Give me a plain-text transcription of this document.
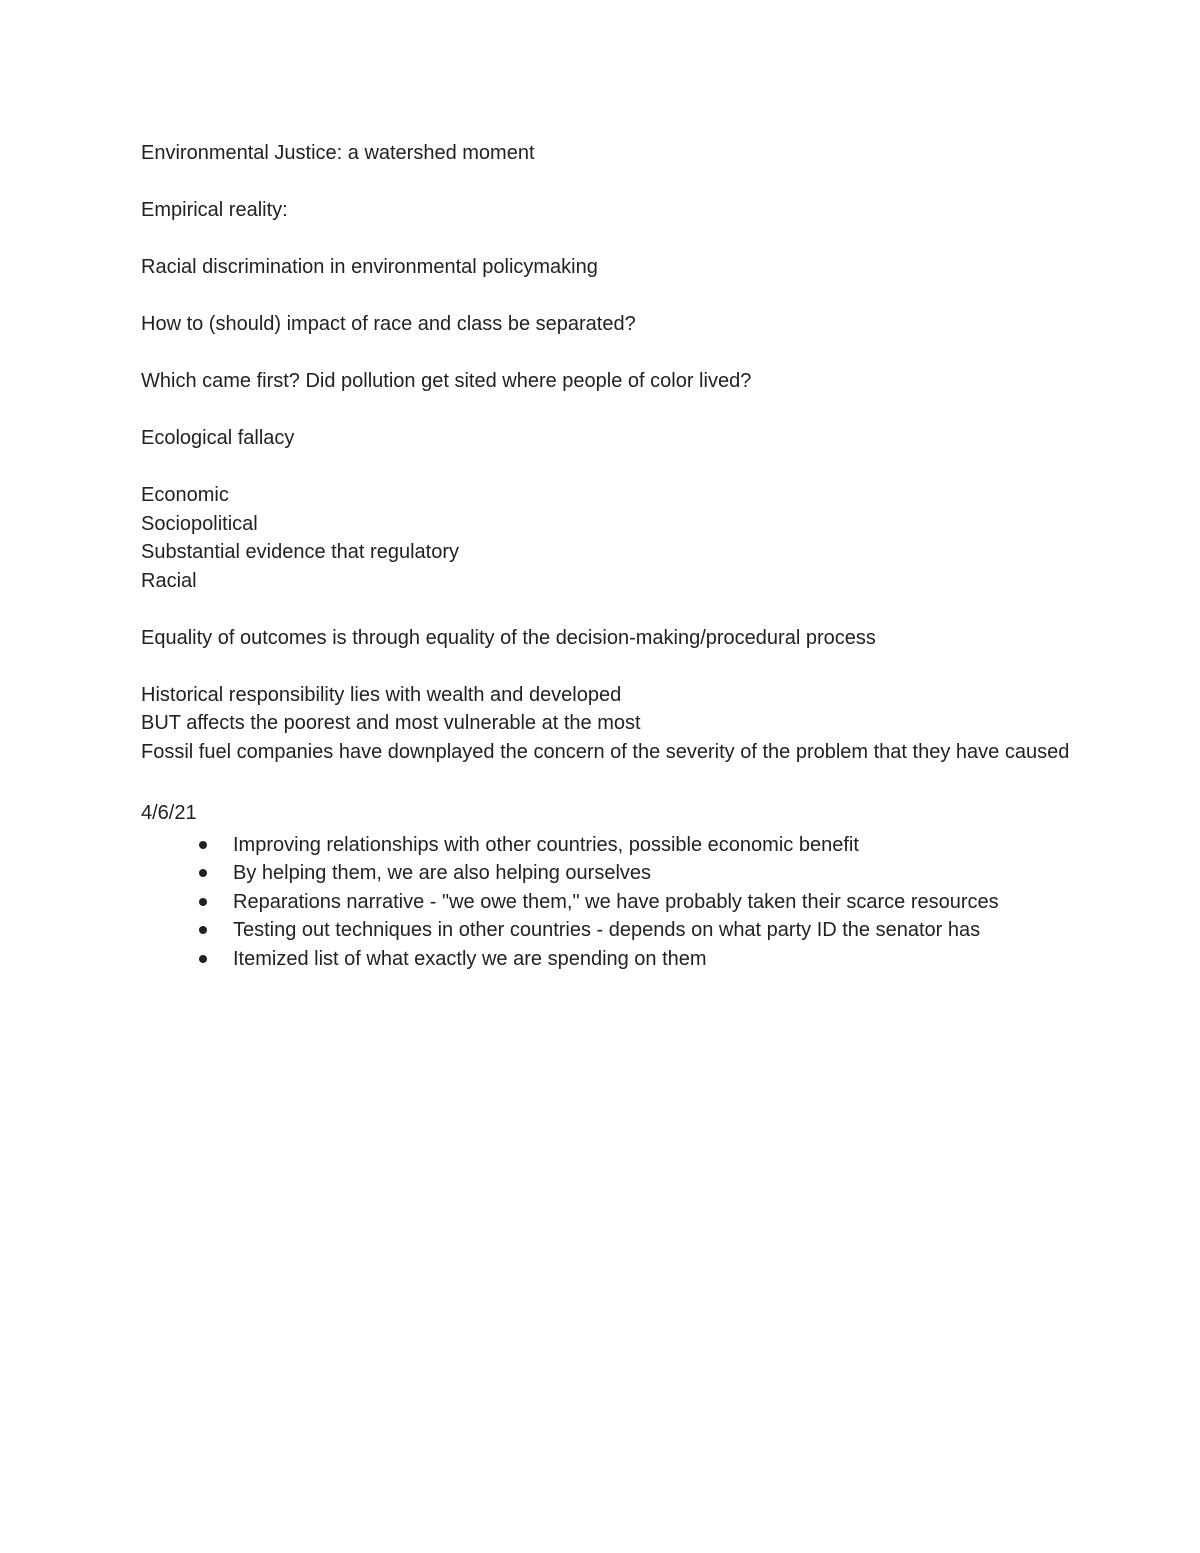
Environmental Justice: a watershed moment

Empirical reality:

Racial discrimination in environmental policymaking

How to (should) impact of race and class be separated?

Which came first? Did pollution get sited where people of color lived?

Ecological fallacy

Economic
Sociopolitical
Substantial evidence that regulatory
Racial

Equality of outcomes is through equality of the decision-making/procedural process

Historical responsibility lies with wealth and developed
BUT affects the poorest and most vulnerable at the most
Fossil fuel companies have downplayed the concern of the severity of the problem that they have caused

4/6/21

Improving relationships with other countries, possible economic benefit
By helping them, we are also helping ourselves
Reparations narrative - "we owe them," we have probably taken their scarce resources
Testing out techniques in other countries - depends on what party ID the senator has
Itemized list of what exactly we are spending on them
